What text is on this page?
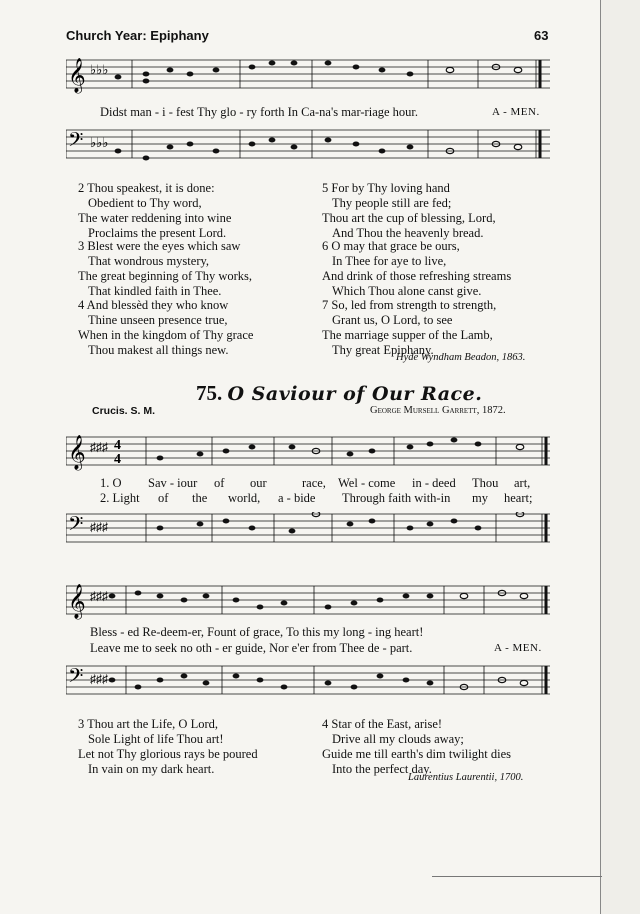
Church Year: Epiphany	63
𝄞 ♭♭♭
Didst man - i - fest Thy glo - ry forth In Ca-na's mar-riage hour.	A - MEN.
𝄢 ♭♭♭
2 Thou speakest, it is done:
Obedient to Thy word,
The water reddening into wine
Proclaims the present Lord.
3 Blest were the eyes which saw
That wondrous mystery,
The great beginning of Thy works,
That kindled faith in Thee.
4 And blessèd they who know
Thine unseen presence true,
When in the kingdom of Thy grace
Thou makest all things new.
5 For by Thy loving hand
Thy people still are fed;
Thou art the cup of blessing, Lord,
And Thou the heavenly bread.
6 O may that grace be ours,
In Thee for aye to live,
And drink of those refreshing streams
Which Thou alone canst give.
7 So, led from strength to strength,
Grant us, O Lord, to see
The marriage supper of the Lamb,
Thy great Epiphany.
Hyde Wyndham Beadon, 1863.
75. O Saviour of Our Race.
Crucis. S. M.	George Mursell Garrett, 1872.
𝄞 ♯♯♯ 4
4
1. O Sav - iour of our	race, Wel - come in - deed Thou art,
2. Light of the world, a - bide Through faith with-in my heart;
𝄢 ♯♯♯
𝄞 ♯♯♯
Bless - ed Re-deem-er, Fount of grace, To this my long - ing heart!
Leave me to seek no oth - er guide, Nor e'er from Thee de - part.	A - MEN.
𝄢 ♯♯♯
3 Thou art the Life, O Lord,
Sole Light of life Thou art!
Let not Thy glorious rays be poured
In vain on my dark heart.
4 Star of the East, arise!
Drive all my clouds away;
Guide me till earth's dim twilight dies
Into the perfect day.
Laurentius Laurentii, 1700.
